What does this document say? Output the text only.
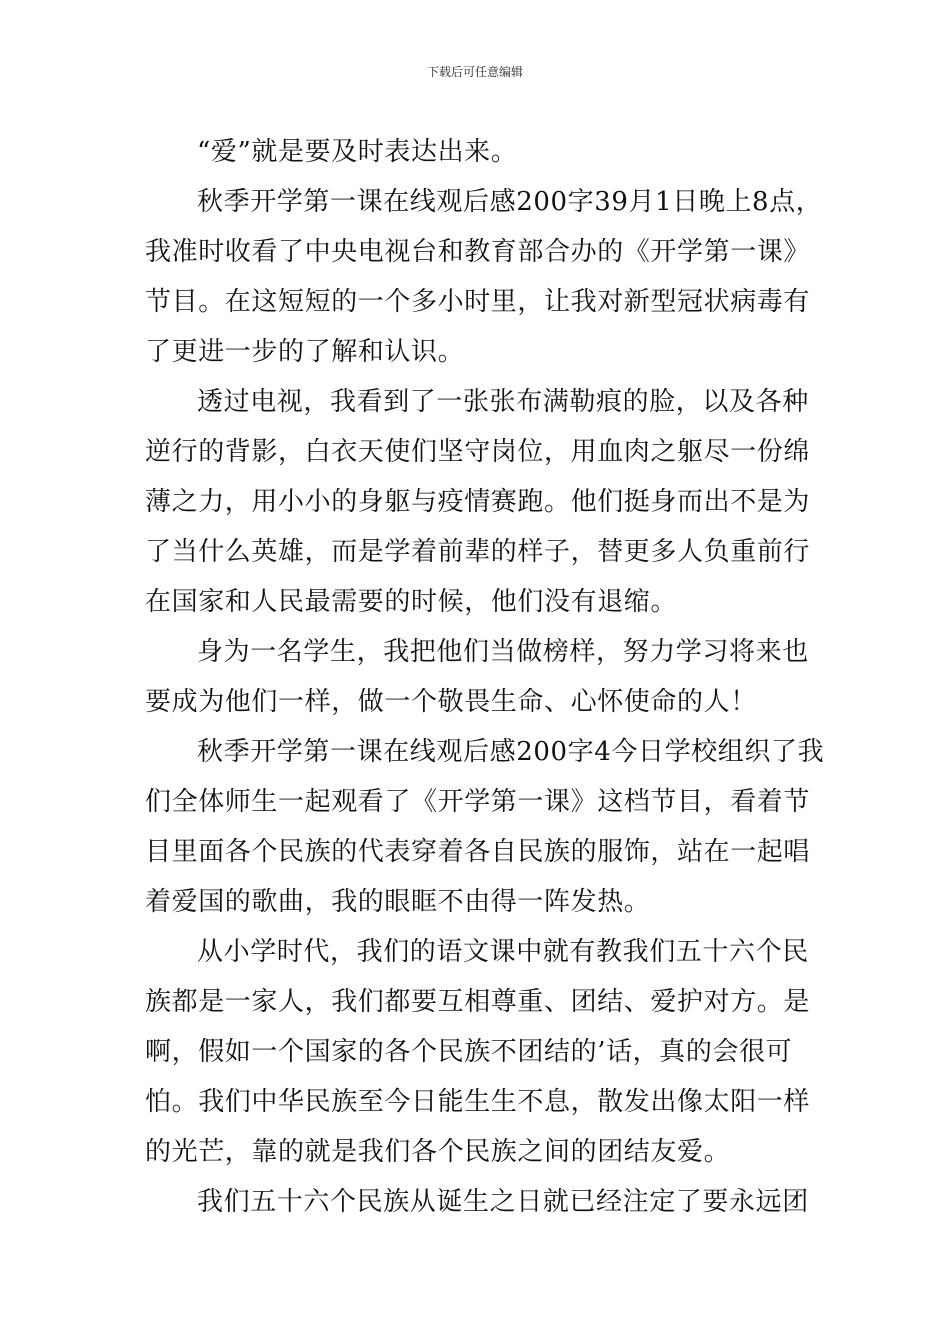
下载后可任意编辑
“爱”就是要及时表达出来。
秋季开学第一课在线观后感200字39月1日晚上8点，
我准时收看了中央电视台和教育部合办的《开学第一课》
节目。在这短短的一个多小时里，让我对新型冠状病毒有
了更进一步的了解和认识。
透过电视，我看到了一张张布满勒痕的脸，以及各种
逆行的背影，白衣天使们坚守岗位，用血肉之躯尽一份绵
薄之力，用小小的身躯与疫情赛跑。他们挺身而出不是为
了当什么英雄，而是学着前辈的样子，替更多人负重前行
在国家和人民最需要的时候，他们没有退缩。
身为一名学生，我把他们当做榜样，努力学习将来也
要成为他们一样，做一个敬畏生命、心怀使命的人！
秋季开学第一课在线观后感200字4今日学校组织了我
们全体师生一起观看了《开学第一课》这档节目，看着节
目里面各个民族的代表穿着各自民族的服饰，站在一起唱
着爱国的歌曲，我的眼眶不由得一阵发热。
从小学时代，我们的语文课中就有教我们五十六个民
族都是一家人，我们都要互相尊重、团结、爱护对方。是
啊，假如一个国家的各个民族不团结的’话，真的会很可
怕。我们中华民族至今日能生生不息，散发出像太阳一样
的光芒，靠的就是我们各个民族之间的团结友爱。
我们五十六个民族从诞生之日就已经注定了要永远团
